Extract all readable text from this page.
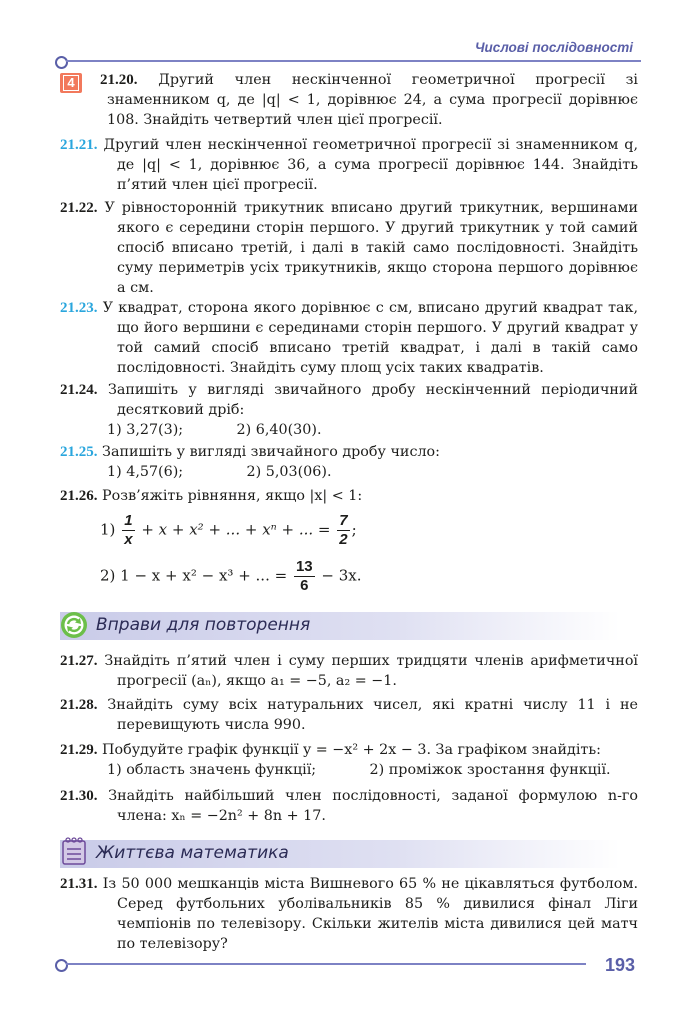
Числові послідовності
4	21.20. Другий член нескінченної геометричної прогресії зі знаменником q, де |q| < 1, дорівнює 24, а сума прогресії дорівнює 108. Знайдіть четвертий член цієї прогресії.
21.21. Другий член нескінченної геометричної прогресії зі знаменником q, де |q| < 1, дорівнює 36, а сума прогресії дорівнює 144. Знайдіть п’ятий член цієї прогресії.
21.22. У рівносторонній трикутник вписано другий трикутник, вершинами якого є середини сторін першого. У другий трикутник у той самий спосіб вписано третій, і далі в такій само послідовності. Знайдіть суму периметрів усіх трикутників, якщо сторона першого дорівнює a см.
21.23. У квадрат, сторона якого дорівнює c см, вписано другий квадрат так, що його вершини є серединами сторін першого. У другий квадрат у той самий спосіб вписано третій квадрат, і далі в такій само послідовності. Знайдіть суму площ усіх таких квадратів.
21.24. Запишіть у вигляді звичайного дробу нескінченний періодичний десятковий дріб:
1) 3,27(3);	2) 6,40(30).
21.25. Запишіть у вигляді звичайного дробу число:
1) 4,57(6);	2) 5,03(06).
21.26. Розв’яжіть рівняння, якщо |x| < 1:
$1) \frac{1}{x} + x + x^2$ + ... + xⁿ + ... = $\frac{7}{2}$ ;
2) 1 − x + x² − x³ + ... = $\frac{13}{6} - 3x$.
Вправи для повторення
21.27. Знайдіть п’ятий член і суму перших тридцяти членів арифметичної прогресії (aₙ), якщо a₁ = −5, a₂ = −1.
21.28. Знайдіть суму всіх натуральних чисел, які кратні числу 11 і не перевищують числа 990.
21.29. Побудуйте графік функції y = −x² + 2x − 3. За графіком знайдіть:
1) область значень функції;	2) проміжок зростання функції.
21.30. Знайдіть найбільший член послідовності, заданої формулою n-го члена: xₙ = −2n² + 8n + 17.
Життєва математика
21.31. Із 50 000 мешканців міста Вишневого 65 % не цікавляться футболом. Серед футбольних уболівальників 85 % дивилися фінал Ліги чемпіонів по телевізору. Скільки жителів міста дивилися цей матч по телевізору?
193
